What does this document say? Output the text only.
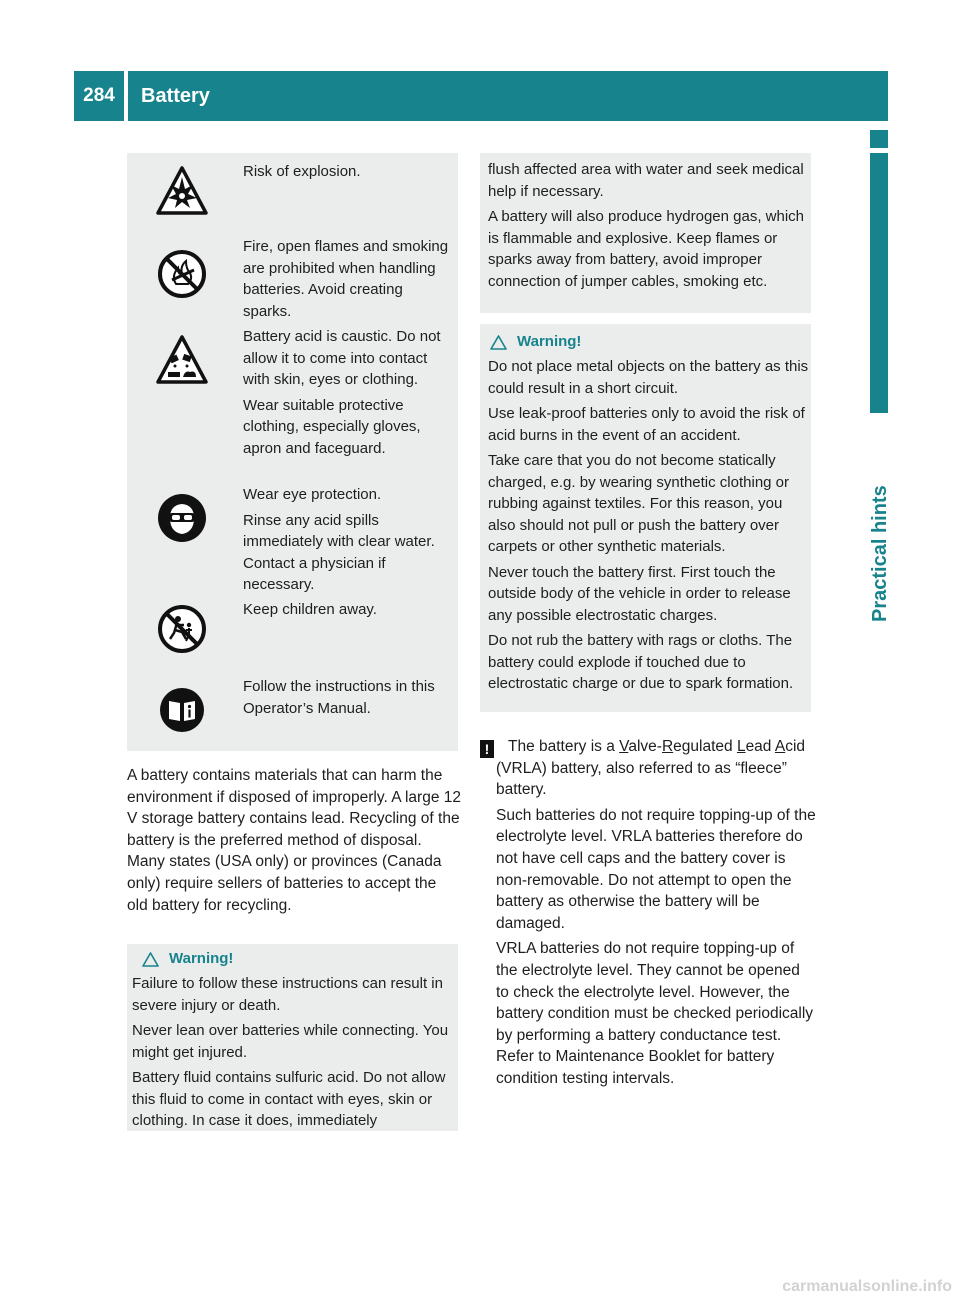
284	Battery
Practical hints

Risk of explosion.

Fire, open flames and smoking are prohibited when handling batteries. Avoid creating sparks.

Battery acid is caustic. Do not allow it to come into contact with skin, eyes or clothing.

Wear suitable protective clothing, especially gloves, apron and faceguard.

Wear eye protection.

Rinse any acid spills immediately with clear water. Contact a physician if necessary.

Keep children away.

Follow the instructions in this Operator’s Manual.

A battery contains materials that can harm the environment if disposed of improperly. A large 12 V storage battery contains lead. Recycling of the battery is the preferred method of disposal. Many states (USA only) or provinces (Canada only) require sellers of batteries to accept the old battery for recycling.

Warning!

Failure to follow these instructions can result in severe injury or death.

Never lean over batteries while connecting. You might get injured.

Battery fluid contains sulfuric acid. Do not allow this fluid to come in contact with eyes, skin or clothing. In case it does, immediately

flush affected area with water and seek medical help if necessary.

A battery will also produce hydrogen gas, which is flammable and explosive. Keep flames or sparks away from battery, avoid improper connection of jumper cables, smoking etc.

Warning!

Do not place metal objects on the battery as this could result in a short circuit.

Use leak-proof batteries only to avoid the risk of acid burns in the event of an accident.

Take care that you do not become statically charged, e.g. by wearing synthetic clothing or rubbing against textiles. For this reason, you also should not pull or push the battery over carpets or other synthetic materials.

Never touch the battery first. First touch the outside body of the vehicle in order to release any possible electrostatic charges.

Do not rub the battery with rags or cloths. The battery could explode if touched due to electrostatic charge or due to spark formation.

!	The battery is a Valve-Regulated Lead Acid (VRLA) battery, also referred to as “fleece” battery.

Such batteries do not require topping-up of the electrolyte level. VRLA batteries therefore do not have cell caps and the battery cover is non-removable. Do not attempt to open the battery as otherwise the battery will be damaged.

VRLA batteries do not require topping-up of the electrolyte level. They cannot be opened to check the electrolyte level. However, the battery condition must be checked periodically by performing a battery conductance test. Refer to Maintenance Booklet for battery condition testing intervals.

carmanualsonline.info
